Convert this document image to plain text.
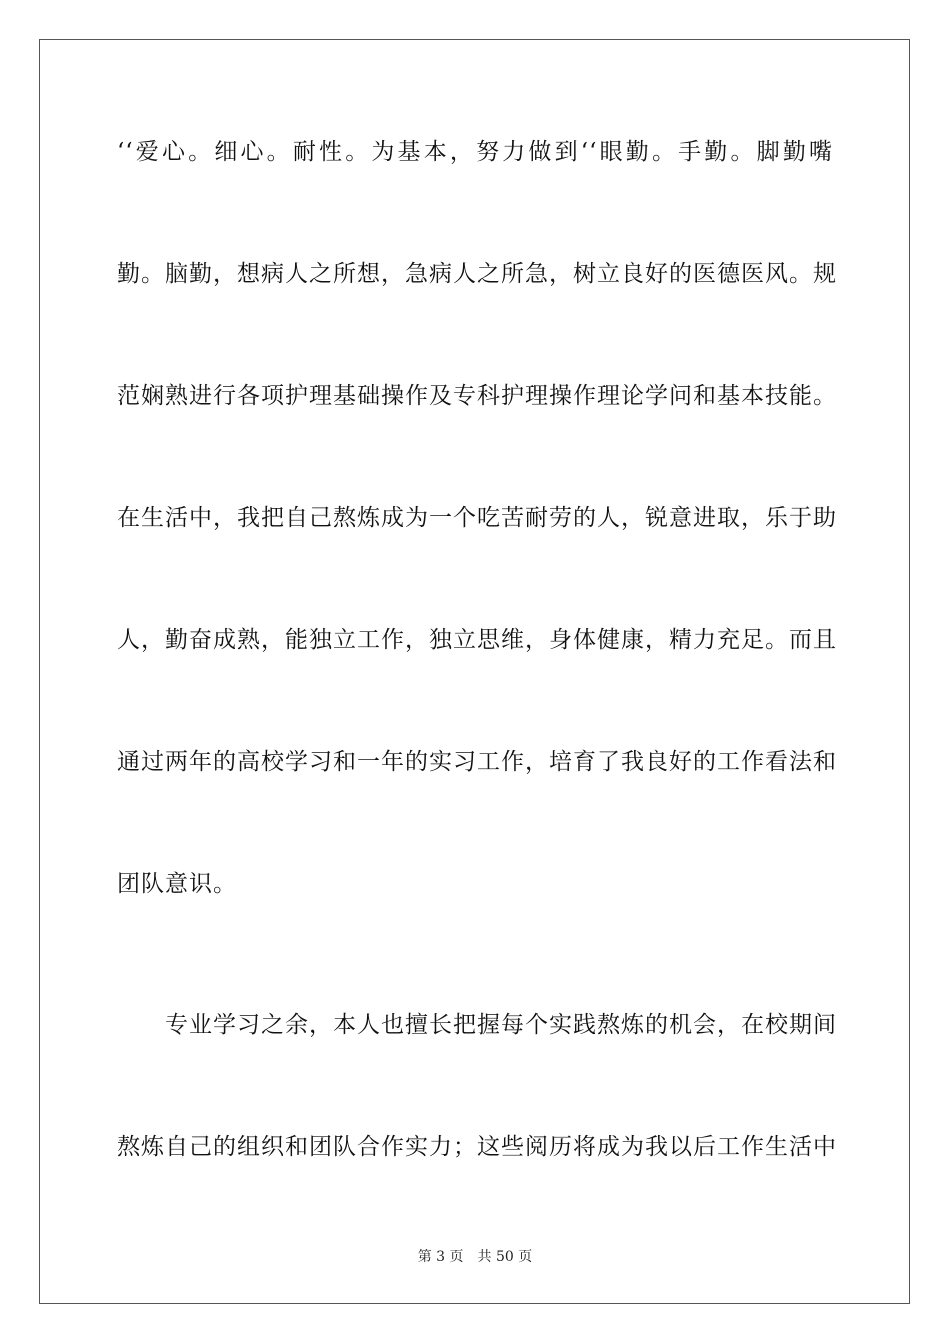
‘‘爱心。细心。耐性。为基本，努力做到‘‘眼勤。手勤。脚勤嘴
勤。脑勤，想病人之所想，急病人之所急，树立良好的医德医风。规
范娴熟进行各项护理基础操作及专科护理操作理论学问和基本技能。
在生活中，我把自己熬炼成为一个吃苦耐劳的人，锐意进取，乐于助
人，勤奋成熟，能独立工作，独立思维，身体健康，精力充足。而且
通过两年的高校学习和一年的实习工作，培育了我良好的工作看法和
团队意识。
专业学习之余，本人也擅长把握每个实践熬炼的机会，在校期间
熬炼自己的组织和团队合作实力；这些阅历将成为我以后工作生活中
第 3 页 共 50 页
